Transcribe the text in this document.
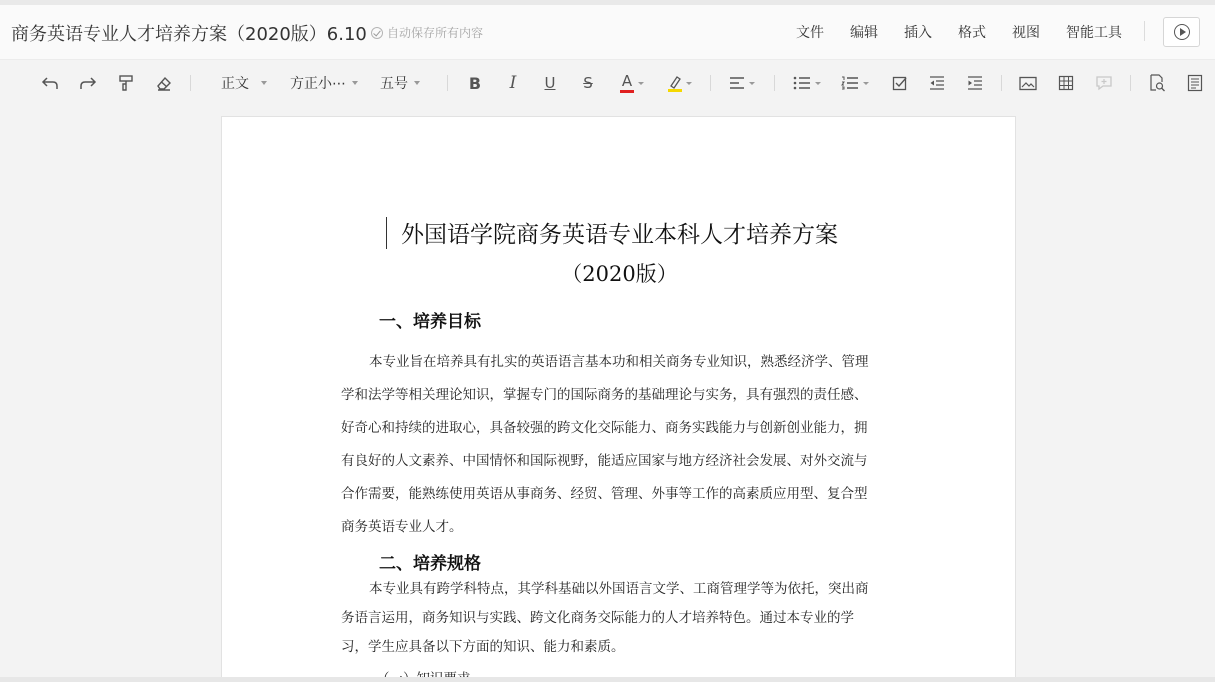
商务英语专业人才培养方案（2020版）6.10 自动保存所有内容	文件 编辑 插入 格式 视图 智能工具
正文	方正小⋯ 五号	B I U S A
外国语学院商务英语专业本科人才培养方案
（2020版）
一、培养目标
本专业旨在培养具有扎实的英语语言基本功和相关商务专业知识，熟悉经济学、管理
学和法学等相关理论知识，掌握专门的国际商务的基础理论与实务，具有强烈的责任感、
好奇心和持续的进取心，具备较强的跨文化交际能力、商务实践能力与创新创业能力，拥
有良好的人文素养、中国情怀和国际视野，能适应国家与地方经济社会发展、对外交流与
合作需要，能熟练使用英语从事商务、经贸、管理、外事等工作的高素质应用型、复合型
商务英语专业人才。
二、培养规格
本专业具有跨学科特点，其学科基础以外国语言文学、工商管理学等为依托，突出商
务语言运用，商务知识与实践、跨文化商务交际能力的人才培养特色。通过本专业的学
习，学生应具备以下方面的知识、能力和素质。
